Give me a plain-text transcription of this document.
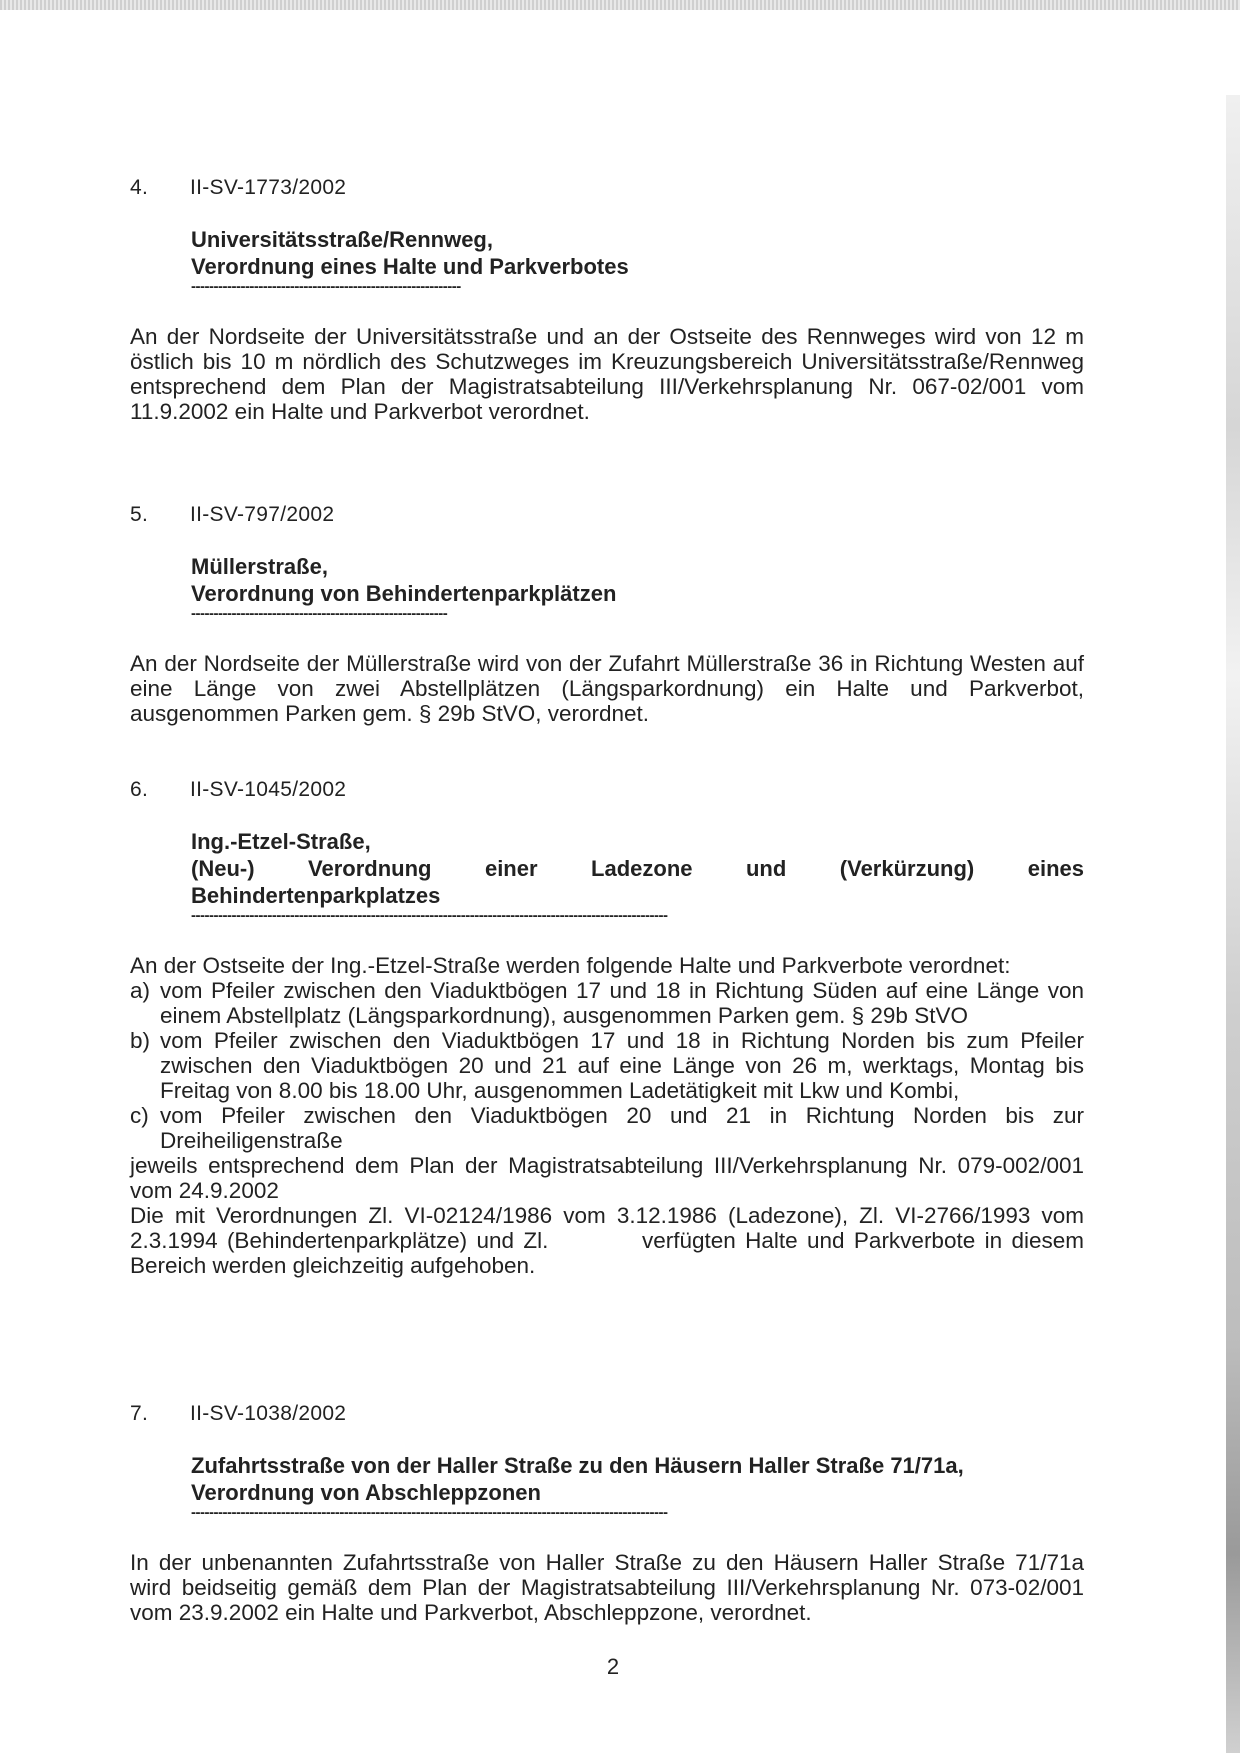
4. II-SV-1773/2002
Universitätsstraße/Rennweg,
Verordnung eines Halte und Parkverbotes
------------------------------------------------------------

An der Nordseite der Universitätsstraße und an der Ostseite des Rennweges wird von 12 m östlich bis 10 m nördlich des Schutzweges im Kreuzungsbereich Universitätsstraße/Rennweg entsprechend dem Plan der Magistratsabteilung III/Verkehrsplanung Nr. 067-02/001 vom 11.9.2002 ein Halte und Parkverbot verordnet.

5. II-SV-797/2002
Müllerstraße,
Verordnung von Behindertenparkplätzen
---------------------------------------------------------

An der Nordseite der Müllerstraße wird von der Zufahrt Müllerstraße 36 in Richtung Westen auf eine Länge von zwei Abstellplätzen (Längsparkordnung) ein Halte und Parkverbot, ausgenommen Parken gem. § 29b StVO, verordnet.

6. II-SV-1045/2002
Ing.-Etzel-Straße,
(Neu-) Verordnung einer Ladezone und (Verkürzung) eines
Behindertenparkplatzes
----------------------------------------------------------------------------------------------------------

An der Ostseite der Ing.-Etzel-Straße werden folgende Halte und Parkverbote verordnet:

a) vom Pfeiler zwischen den Viaduktbögen 17 und 18 in Richtung Süden auf eine Länge von einem Abstellplatz (Längsparkordnung), ausgenommen Parken gem. § 29b StVO
b) vom Pfeiler zwischen den Viaduktbögen 17 und 18 in Richtung Norden bis zum Pfeiler zwischen den Viaduktbögen 20 und 21 auf eine Länge von 26 m, werktags, Montag bis Freitag von 8.00 bis 18.00 Uhr, ausgenommen Ladetätigkeit mit Lkw und Kombi,
c) vom Pfeiler zwischen den Viaduktbögen 20 und 21 in Richtung Norden bis zur Dreiheiligenstraße

jeweils entsprechend dem Plan der Magistratsabteilung III/Verkehrsplanung Nr. 079-002/001 vom 24.9.2002

Die mit Verordnungen Zl. VI-02124/1986 vom 3.12.1986 (Ladezone), Zl. VI-2766/1993 vom 2.3.1994 (Behindertenparkplätze) und Zl.          verfügten Halte und Parkverbote in diesem Bereich werden gleichzeitig aufgehoben.

7. II-SV-1038/2002
Zufahrtsstraße von der Haller Straße zu den Häusern Haller Straße 71/71a,
Verordnung von Abschleppzonen
----------------------------------------------------------------------------------------------------------

In der unbenannten Zufahrtsstraße von Haller Straße zu den Häusern Haller Straße 71/71a wird beidseitig gemäß dem Plan der Magistratsabteilung III/Verkehrsplanung Nr. 073-02/001 vom 23.9.2002 ein Halte und Parkverbot, Abschleppzone, verordnet.

2
